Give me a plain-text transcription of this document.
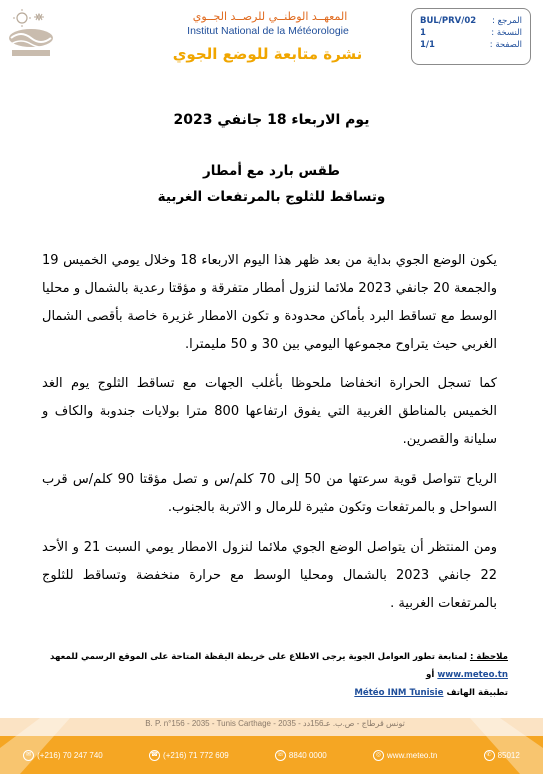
المعهــد الوطنــي للرصــد الجــوي
Institut National de la Météorologie
نشرة متابعة للوضع الجوي
BUL/PRV/02 المرجع :
1	النسخة :
1/1	الصفحة :
يوم الاربعاء 18 جانفي 2023
طقس بارد مع أمطار
وتساقط للثلوج بالمرتفعات الغربية
يكون الوضع الجوي بداية من بعد ظهر هذا اليوم الاربعاء 18 وخلال يومي الخميس 19 والجمعة 20 جانفي 2023 ملائما لنزول أمطار متفرقة و مؤقتا رعدية بالشمال و محليا الوسط مع تساقط البرد بأماكن محدودة و تكون الامطار غزيرة خاصة بأقصى الشمال الغربي حيث يتراوح مجموعها اليومي بين 30 و 50 مليمترا.
كما تسجل الحرارة انخفاضا ملحوظا بأغلب الجهات مع تساقط الثلوج يوم الغد الخميس بالمناطق الغربية التي يفوق ارتفاعها 800 مترا بولايات جندوبة والكاف و سليانة والقصرين.
الرياح تتواصل قوية سرعتها من 50 إلى 70 كلم/س و تصل مؤقتا 90 كلم/س قرب السواحل و بالمرتفعات وتكون مثيرة للرمال و الاتربة بالجنوب.
ومن المنتظر أن يتواصل الوضع الجوي ملائما لنزول الامطار يومي السبت 21 و الأحد 22 جانفي 2023 بالشمال ومحليا الوسط مع حرارة منخفضة وتساقط للثلوج بالمرتفعات الغربية .
ملاحظة : لمتابعة تطور العوامل الجوية يرجى الاطلاع على خريطة اليقظة المتاحة على الموقع الرسمي للمعهد www.meteo.tn أو
تطبيقة الهاتف Météo INM Tunisie
B. P. n°156 - 2035 - Tunis Carthage - 2035 - تونس قرطاج - ص.ب. عـ156دد
✉ (+216) 70 247 740	☎ (+216) 71 772 609	☏ 8840 0000	◎ www.meteo.tn	✆ 85012
